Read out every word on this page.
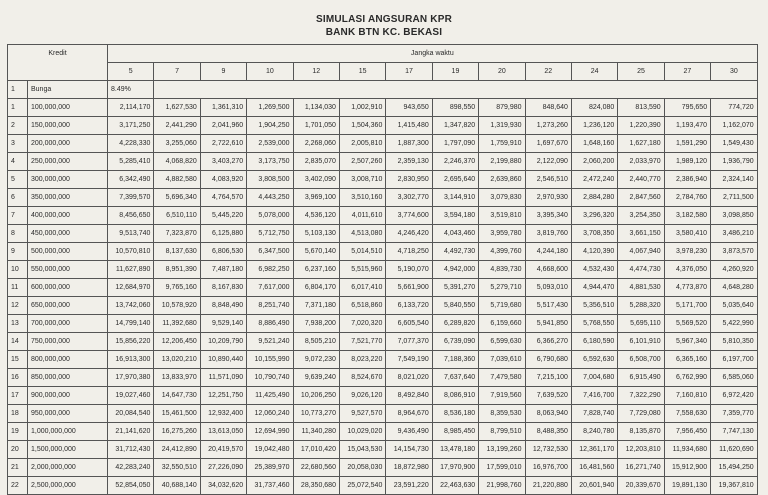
SIMULASI ANGSURAN KPR
BANK BTN KC. BEKASI
Kredit		Jangka waktu													
		5	7	9	10	12	15	17	19	20	22	24	25	27	30
1	Bunga	8.49%													
1	100,000,000	2,114,170	1,627,530	1,361,310	1,269,500	1,134,030	1,002,910	943,650	898,550	879,980	848,640	824,080	813,590	795,650	774,720
2	150,000,000	3,171,250	2,441,290	2,041,960	1,904,250	1,701,050	1,504,360	1,415,480	1,347,820	1,319,930	1,273,260	1,236,120	1,220,390	1,193,470	1,162,070
3	200,000,000	4,228,330	3,255,060	2,722,610	2,539,000	2,268,060	2,005,810	1,887,300	1,797,090	1,759,910	1,697,670	1,648,160	1,627,180	1,591,290	1,549,430
4	250,000,000	5,285,410	4,068,820	3,403,270	3,173,750	2,835,070	2,507,260	2,359,130	2,246,370	2,199,880	2,122,090	2,060,200	2,033,970	1,989,120	1,936,790
5	300,000,000	6,342,490	4,882,580	4,083,920	3,808,500	3,402,090	3,008,710	2,830,950	2,695,640	2,639,860	2,546,510	2,472,240	2,440,770	2,386,940	2,324,140
6	350,000,000	7,399,570	5,696,340	4,764,570	4,443,250	3,969,100	3,510,160	3,302,770	3,144,910	3,079,830	2,970,930	2,884,280	2,847,560	2,784,760	2,711,500
7	400,000,000	8,456,650	6,510,110	5,445,220	5,078,000	4,536,120	4,011,610	3,774,600	3,594,180	3,519,810	3,395,340	3,296,320	3,254,350	3,182,580	3,098,850
8	450,000,000	9,513,740	7,323,870	6,125,880	5,712,750	5,103,130	4,513,080	4,246,420	4,043,460	3,959,780	3,819,760	3,708,350	3,661,150	3,580,410	3,486,210
9	500,000,000	10,570,810	8,137,630	6,806,530	6,347,500	5,670,140	5,014,510	4,718,250	4,492,730	4,399,760	4,244,180	4,120,390	4,067,940	3,978,230	3,873,570
10	550,000,000	11,627,890	8,951,390	7,487,180	6,982,250	6,237,160	5,515,960	5,190,070	4,942,000	4,839,730	4,668,600	4,532,430	4,474,730	4,376,050	4,260,920
11	600,000,000	12,684,970	9,765,160	8,167,830	7,617,000	6,804,170	6,017,410	5,661,900	5,391,270	5,279,710	5,093,010	4,944,470	4,881,530	4,773,870	4,648,280
12	650,000,000	13,742,060	10,578,920	8,848,490	8,251,740	7,371,180	6,518,860	6,133,720	5,840,550	5,719,680	5,517,430	5,356,510	5,288,320	5,171,700	5,035,640
13	700,000,000	14,799,140	11,392,680	9,529,140	8,886,490	7,938,200	7,020,320	6,605,540	6,289,820	6,159,660	5,941,850	5,768,550	5,695,110	5,569,520	5,422,990
14	750,000,000	15,856,220	12,206,450	10,209,790	9,521,240	8,505,210	7,521,770	7,077,370	6,739,090	6,599,630	6,366,270	6,180,590	6,101,910	5,967,340	5,810,350
15	800,000,000	16,913,300	13,020,210	10,890,440	10,155,990	9,072,230	8,023,220	7,549,190	7,188,360	7,039,610	6,790,680	6,592,630	6,508,700	6,365,160	6,197,700
16	850,000,000	17,970,380	13,833,970	11,571,090	10,790,740	9,639,240	8,524,670	8,021,020	7,637,640	7,479,580	7,215,100	7,004,680	6,915,490	6,762,990	6,585,060
17	900,000,000	19,027,460	14,647,730	12,251,750	11,425,490	10,206,250	9,026,120	8,492,840	8,086,910	7,919,560	7,639,520	7,416,700	7,322,290	7,160,810	6,972,420
18	950,000,000	20,084,540	15,461,500	12,932,400	12,060,240	10,773,270	9,527,570	8,964,670	8,536,180	8,359,530	8,063,940	7,828,740	7,729,080	7,558,630	7,359,770
19	1,000,000,000	21,141,620	16,275,260	13,613,050	12,694,990	11,340,280	10,029,020	9,436,490	8,985,450	8,799,510	8,488,350	8,240,780	8,135,870	7,956,450	7,747,130
20	1,500,000,000	31,712,430	24,412,890	20,419,570	19,042,480	17,010,420	15,043,530	14,154,730	13,478,180	13,199,260	12,732,530	12,361,170	12,203,810	11,934,680	11,620,690
21	2,000,000,000	42,283,240	32,550,510	27,226,090	25,389,970	22,680,560	20,058,030	18,872,980	17,970,900	17,599,010	16,976,700	16,481,560	16,271,740	15,912,900	15,494,250
22	2,500,000,000	52,854,050	40,688,140	34,032,620	31,737,460	28,350,680	25,072,540	23,591,220	22,463,630	21,998,760	21,220,880	20,601,940	20,339,670	19,891,130	19,367,810
